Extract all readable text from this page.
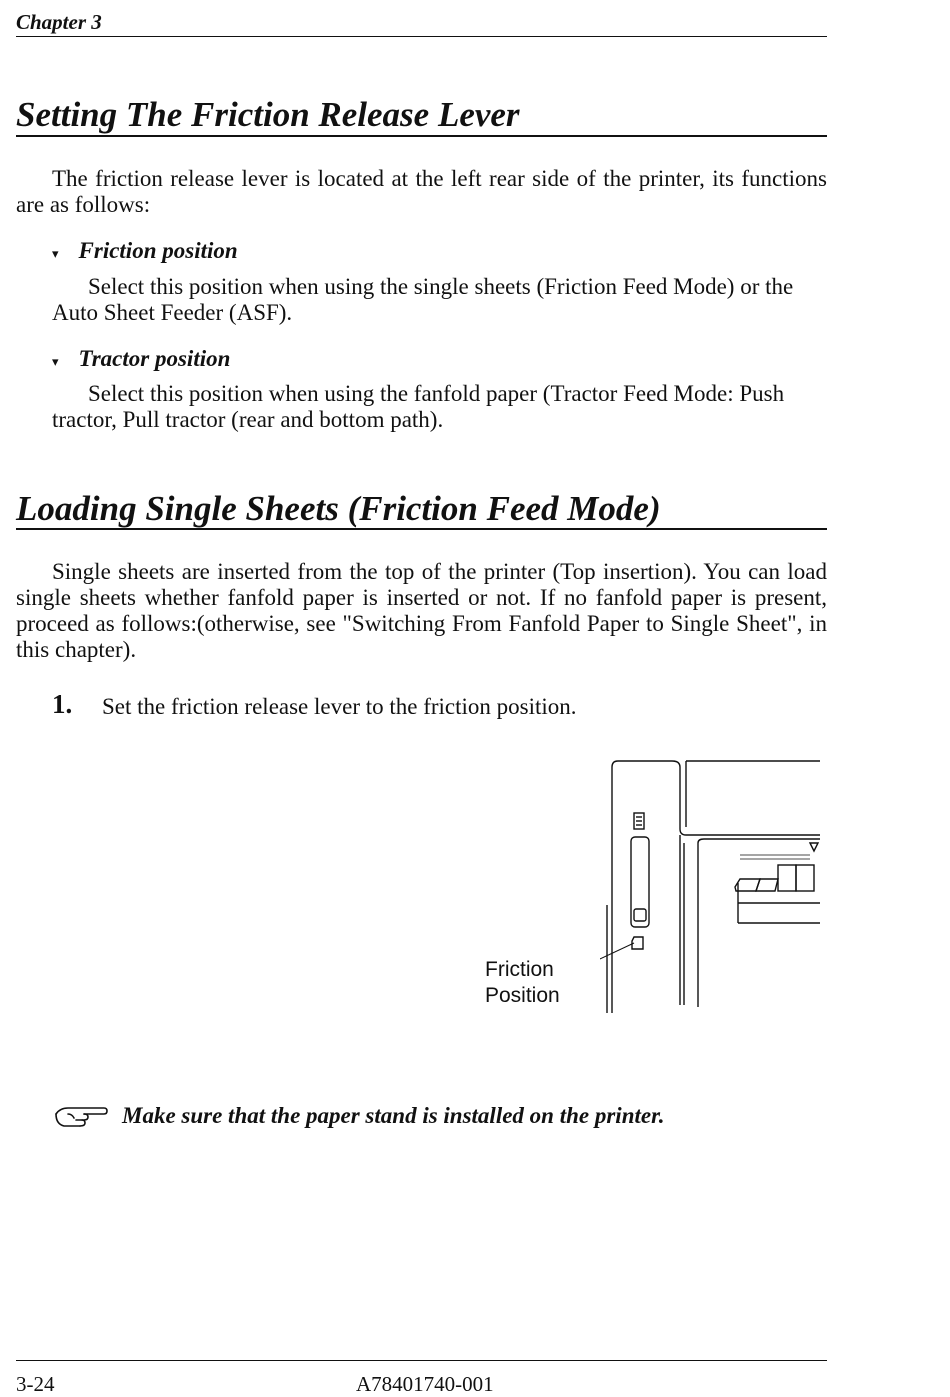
Chapter 3
Setting The Friction Release Lever
The friction release lever is located at the left rear side of the printer, its functions are as follows:
▾ Friction position
Select this position when using the single sheets (Friction Feed Mode) or the Auto Sheet Feeder (ASF).
▾ Tractor position
Select this position when using the fanfold paper (Tractor Feed Mode: Push tractor, Pull tractor (rear and bottom path).
Loading Single Sheets (Friction Feed Mode)
Single sheets are inserted from the top of the printer (Top insertion). You can load single sheets whether fanfold paper is inserted or not. If no fanfold paper is present, proceed as follows:(otherwise, see "Switching From Fanfold Paper to Single Sheet", in this chapter).
1. Set the friction release lever to the friction position.
Friction
Position
Make sure that the paper stand is installed on the printer.
3-24	A78401740-001
